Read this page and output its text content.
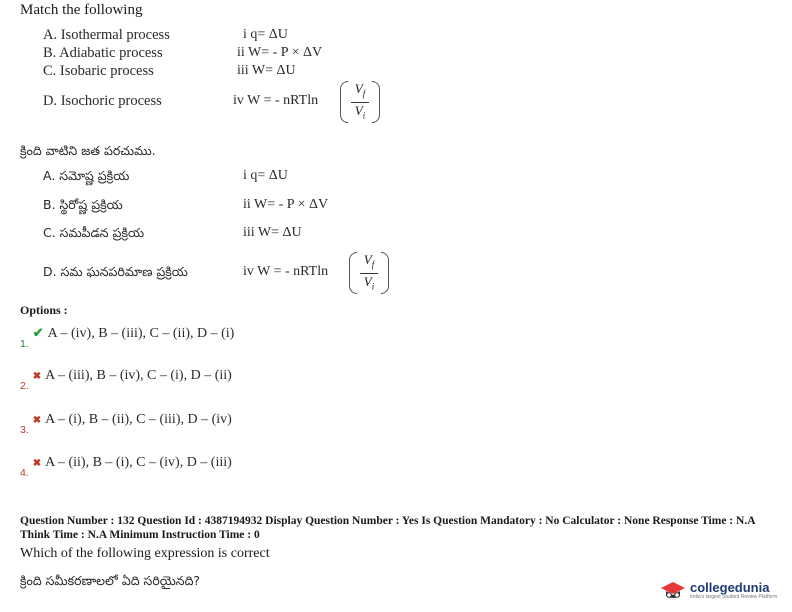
Match the following
A. Isothermal process
B. Adiabatic process
C. Isobaric process
D. Isochoric process
i q= ΔU
ii W= - P × ΔV
iii W= ΔU
iv W = - nRTln $\frac{V_f}{V_i}$
క్రింది వాటిని జత పరచుము.
A. సమోష్ణ ప్రక్రియ
B. స్థిరోష్ణ ప్రక్రియ
C. సమపీడన ప్రక్రియ
D. సమ ఘనపరిమాణ ప్రక్రియ
i q= ΔU
ii W= - P × ΔV
iii W= ΔU
iv W = - nRTln $\frac{V_f}{V_i}$
Options :
$_{1.}$ ✔ A – (iv), B – (iii), C – (ii), D – (i)
$_{2.}$ ✖ A – (iii), B – (iv), C – (i), D – (ii)
$_{3.}$ ✖ A – (i), B – (ii), C – (iii), D – (iv)
$_{4.}$ ✖ A – (ii), B – (i), C – (iv), D – (iii)
Question Number : 132 Question Id : 4387194932 Display Question Number : Yes Is Question Mandatory : No Calculator : None Response Time : N.A Think Time : N.A Minimum Instruction Time : 0
Which of the following expression is correct
క్రింది సమీకరణాలలో ఏది సరియైనది?	collegedunia
India's largest Student Review Platform
